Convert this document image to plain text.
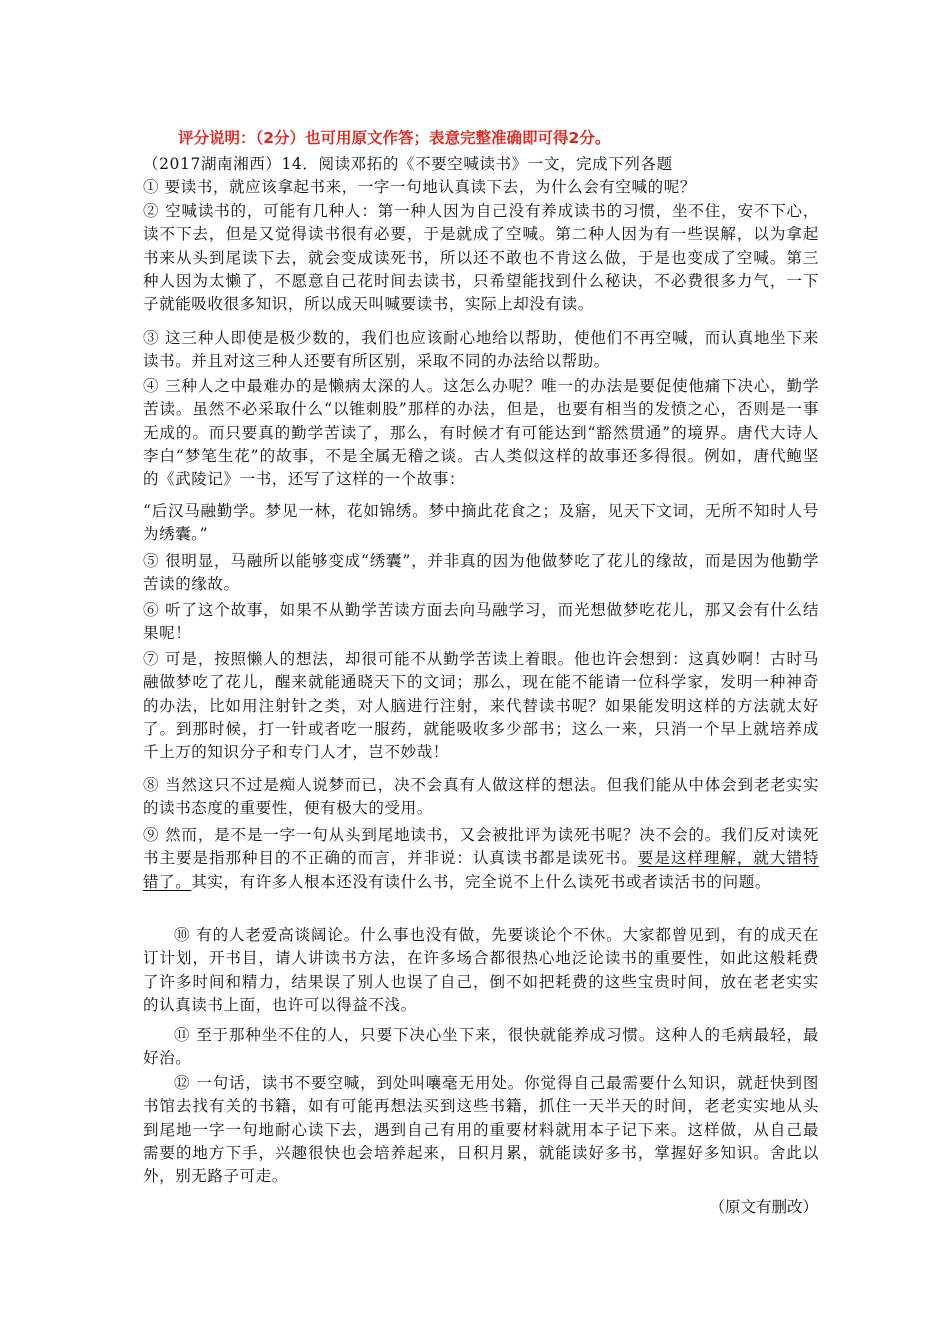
评分说明：（2分）也可用原文作答；表意完整准确即可得2分。
（2017湖南湘西）14．阅读邓拓的《不要空喊读书》一文，完成下列各题
① 要读书，就应该拿起书来，一字一句地认真读下去，为什么会有空喊的呢？
② 空喊读书的，可能有几种人：第一种人因为自己没有养成读书的习惯，坐不住，安不下心，读不下去，但是又觉得读书很有必要，于是就成了空喊。第二种人因为有一些误解，以为拿起书来从头到尾读下去，就会变成读死书，所以还不敢也不肯这么做，于是也变成了空喊。第三种人因为太懒了，不愿意自己花时间去读书，只希望能找到什么秘诀，不必费很多力气，一下子就能吸收很多知识，所以成天叫喊要读书，实际上却没有读。
③ 这三种人即使是极少数的，我们也应该耐心地给以帮助，使他们不再空喊，而认真地坐下来读书。并且对这三种人还要有所区别，采取不同的办法给以帮助。
④ 三种人之中最难办的是懒病太深的人。这怎么办呢？唯一的办法是要促使他痛下决心，勤学苦读。虽然不必采取什么“以锥刺股”那样的办法，但是，也要有相当的发愤之心，否则是一事无成的。而只要真的勤学苦读了，那么，有时候才有可能达到“豁然贯通”的境界。唐代大诗人李白“梦笔生花”的故事，不是全属无稽之谈。古人类似这样的故事还多得很。例如，唐代鲍坚的《武陵记》一书，还写了这样的一个故事：
“后汉马融勤学。梦见一林，花如锦绣。梦中摘此花食之；及寤，见天下文词，无所不知时人号为绣囊。”
⑤ 很明显，马融所以能够变成“绣囊”，并非真的因为他做梦吃了花儿的缘故，而是因为他勤学苦读的缘故。
⑥ 听了这个故事，如果不从勤学苦读方面去向马融学习，而光想做梦吃花儿，那又会有什么结果呢！
⑦ 可是，按照懒人的想法，却很可能不从勤学苦读上着眼。他也许会想到：这真妙啊！古时马融做梦吃了花儿，醒来就能通晓天下的文词；那么，现在能不能请一位科学家，发明一种神奇的办法，比如用注射针之类，对人脑进行注射，来代替读书呢？如果能发明这样的方法就太好了。到那时候，打一针或者吃一服药，就能吸收多少部书；这么一来，只消一个早上就培养成千上万的知识分子和专门人才，岂不妙哉！
⑧ 当然这只不过是痴人说梦而已，决不会真有人做这样的想法。但我们能从中体会到老老实实的读书态度的重要性，便有极大的受用。
⑨ 然而，是不是一字一句从头到尾地读书，又会被批评为读死书呢？决不会的。我们反对读死书主要是指那种目的不正确的而言，并非说：认真读书都是读死书。要是这样理解，就大错特错了。其实，有许多人根本还没有读什么书，完全说不上什么读死书或者读活书的问题。
⑩ 有的人老爱高谈阔论。什么事也没有做，先要谈论个不休。大家都曾见到，有的成天在订计划，开书目，请人讲读书方法，在许多场合都很热心地泛论读书的重要性，如此这般耗费了许多时间和精力，结果误了别人也误了自己，倒不如把耗费的这些宝贵时间，放在老老实实的认真读书上面，也许可以得益不浅。
⑪ 至于那种坐不住的人，只要下决心坐下来，很快就能养成习惯。这种人的毛病最轻，最好治。
⑫ 一句话，读书不要空喊，到处叫嚷毫无用处。你觉得自己最需要什么知识，就赶快到图书馆去找有关的书籍，如有可能再想法买到这些书籍，抓住一天半天的时间，老老实实地从头到尾地一字一句地耐心读下去，遇到自己有用的重要材料就用本子记下来。这样做，从自己最需要的地方下手，兴趣很快也会培养起来，日积月累，就能读好多书，掌握好多知识。舍此以外，别无路子可走。
（原文有删改）
